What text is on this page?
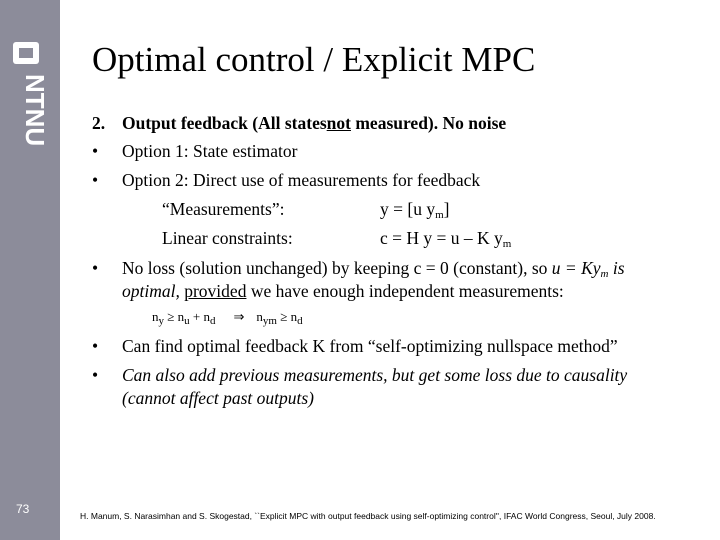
NTNU
73
Optimal control / Explicit MPC
2. Output feedback (All statesnot measured). No noise
• Option 1: State estimator
• Option 2: Direct use of measurements for feedback
“Measurements”:	y = [u $y_m$]
Linear constraints:	c = H y = u – K $y_m$
• No loss (solution unchanged) by keeping c = 0 (constant), so $u = Ky_m$ is
optimal, provided we have enough independent measurements:
$n_y \ge n_u + n_d$ ⇒ $n_{ym} \ge n_d$
• Can find optimal feedback K from “self-optimizing nullspace method”
• Can also add previous measurements, but get some loss due to causality
(cannot affect past outputs)
H. Manum, S. Narasimhan and S. Skogestad, ``Explicit MPC with output feedback using self-optimizing control'', IFAC World Congress, Seoul, July 2008.
